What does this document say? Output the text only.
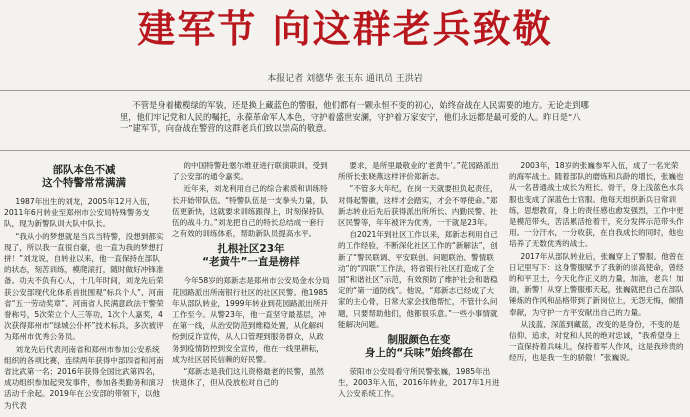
建军节 向这群老兵致敬
本报记者 刘德华 张玉东 通讯员 王洪岩

不管是身着橄榄绿的军装，还是换上藏蓝色的警服，他们都有一颗永恒不变的初心，始终奋战在人民需要的地方。无论走到哪里，他们牢记党和人民的嘱托，永葆革命军人本色，守护着盛世安澜，守护着万家安宁，他们永远都是最可爱的人。昨日是“八一”建军节，向奋战在警营的这群老兵们致以崇高的敬意。

部队本色不减
这个特警常常满满

1987年出生的刘龙，2005年12月入伍，2011年6月转业至郑州市公安局特殊警务支队，现为新警队训大队中队长。

“我从小的梦想就是当兵当特警，没想到都实现了，所以我一直很自豪，也一直为我的梦想打拼！”刘龙说，自转业以来，他一直保持在部队的状态，刻苦训练，模爬滚打，随时做好冲锋准备。功夫不负有心人，十几年时间，刘龙先后荣获公安部现代化体系首批围观“标兵个人”、河南省“五一劳动奖章”、河南省人民满意政法干警荣誉称号，5次荣立个人三等功，1次个人嘉奖，4次获得郑州市“绿城公仆杯”技术标兵，多次被评为郑州市优秀公务员。

刘龙先后代表河南省和郑州市参加公安系统组织的各项比赛，连续两年获得中部四省和河南省比武第一名；2016年获得全国比武第四名，成功组织参加起突发事件，参加各类勤务和演习活动千余起。2019年在公安部的带领下，以他为代表

的中国特警赴塞尔维亚进行联演联训，受到了公安部的通令嘉奖。

近年来，刘龙利用自己的综合素质和训练特长开始带队伍。“特警队伍是一支拳头力量，队伍更新快，这就要求训练跟得上，时刻保持队伍的战斗力。”刘龙把自己的特长总结成一套行之有效的训练体系，帮助新队员提高水平。

扎根社区23年
“老黄牛”一直是榜样

今年58岁的郑新志是郑州市公安局金水分局花园路派出所南银行社区的社区民警。他1985年从部队转业，1999年转业到花园路派出所开工作至今。从警23年，他一直坚守最基层，冲在第一线，从治安防范到维稳处置，从化解纠纷到反诈宣传，从人口管理到服务群众，从政务到疫情防控到安全宣传，他在一线里耕耘，成为社区居民信赖的好民警。

“郑新志是我们这儿资格最老的民警，虽然快退休了，但从没放松对自己的

要求，是所里最敬业的‘老黄牛’。”花园路派出所所长张晓燕这样评价郑新志。

“不管多大年纪，在岗一天就要担负起责任，对得起警徽，这样才会踏实，才会不辱使命。”郑新志转业后先后获得派出所所长、内勤民警、社区民警等，年年被评为优秀，一干就是23年。

自2021年到社区工作以来，郑新志利用自己的工作经验，不断深化社区工作的“新解法”，创新了“警民联调、平安联创、问题联治、警情联动”的“四联”工作法，将省银行社区打造成了全国“和谐社区”示范，有效预防了维护社会和谐稳定的“第一道防线”。他说，“郑新志已经成了大家的主心骨，日常大家会找他帮忙，不管什么问题，只要帮助他们，他都很乐意。”一些小事情就能解决问题。

制服颜色在变
身上的“兵味”始终都在

荥阳市公安局看守所民警张巍，1985年出生，2003年入伍，2016年转业，2017年1月进入公安系统工作。

2003年，18岁的张巍参军入伍，成了一名光荣的海军战士。随着部队的磨炼和兵龄的增长，张巍也从一名普通战士成长为班长、骨干，身上浅蓝色水兵服也变成了深蓝色士官服。他每天组织新兵日常训练，思想教育，身上的责任感也愈发强烈，工作中更是模范带头，苦活累活抢着干，充分发挥示范带头作用。一分汗水，一分收获，在自我成长的同时，他也培养了无数优秀的战士。

2017年从部队转业后，张巍穿上了警服。他曾在日记里写下：这身警服赋予了我新的崇高使命，曾经的和平卫士，今天化作正义的力量，加油，老兵！加油，新警！从穿上警服那天起，张巍就把自己在部队锤炼的作风和品格带到了新岗位上，无怨无悔，倾情奉献，为守护一方平安献出自己的力量。

从浅蓝、深蓝到藏蓝，改变的是身份，不变的是信仰、追求，对党和人民的绝对忠诚，“我希望身上一直保持着兵味儿，保持着军人作风，这是我珍贵的经历，也是我一生的骄傲！”张巍说。
